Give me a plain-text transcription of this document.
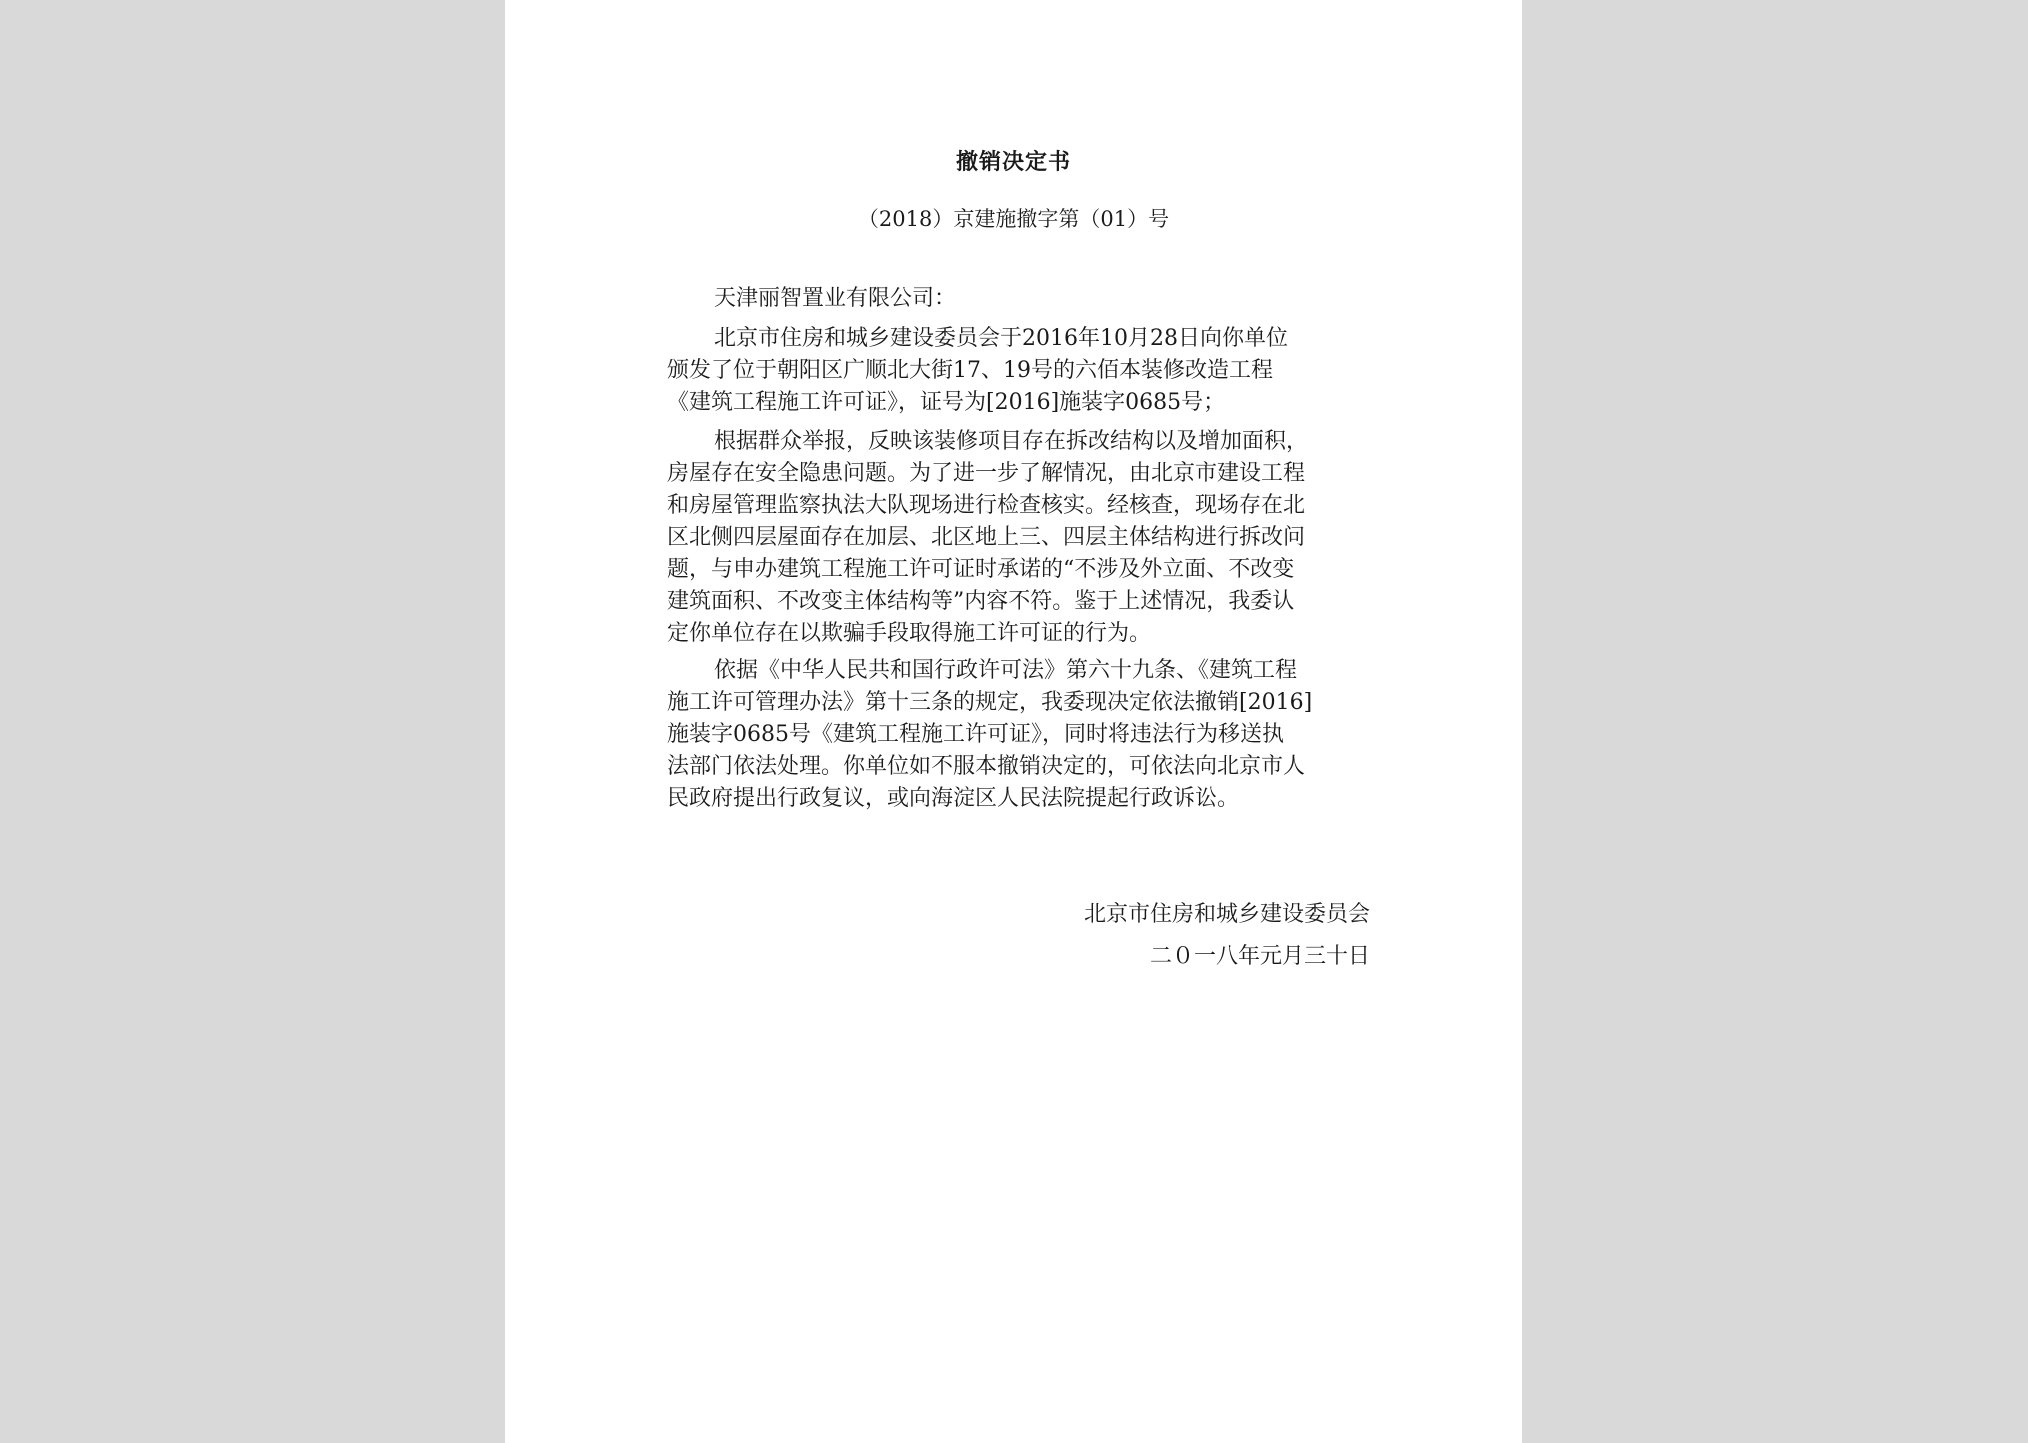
撤销决定书
（2018）京建施撤字第（01）号
天津丽智置业有限公司：
北京市住房和城乡建设委员会于2016年10月28日向你单位
颁发了位于朝阳区广顺北大街17、19号的六佰本装修改造工程
《建筑工程施工许可证》，证号为[2016]施装字0685号；
根据群众举报，反映该装修项目存在拆改结构以及增加面积，
房屋存在安全隐患问题。为了进一步了解情况，由北京市建设工程
和房屋管理监察执法大队现场进行检查核实。经核查，现场存在北
区北侧四层屋面存在加层、北区地上三、四层主体结构进行拆改问
题，与申办建筑工程施工许可证时承诺的“不涉及外立面、不改变
建筑面积、不改变主体结构等”内容不符。鉴于上述情况，我委认
定你单位存在以欺骗手段取得施工许可证的行为。
依据《中华人民共和国行政许可法》第六十九条、《建筑工程
施工许可管理办法》第十三条的规定，我委现决定依法撤销[2016]
施装字0685号《建筑工程施工许可证》，同时将违法行为移送执
法部门依法处理。你单位如不服本撤销决定的，可依法向北京市人
民政府提出行政复议，或向海淀区人民法院提起行政诉讼。
北京市住房和城乡建设委员会
二０一八年元月三十日
